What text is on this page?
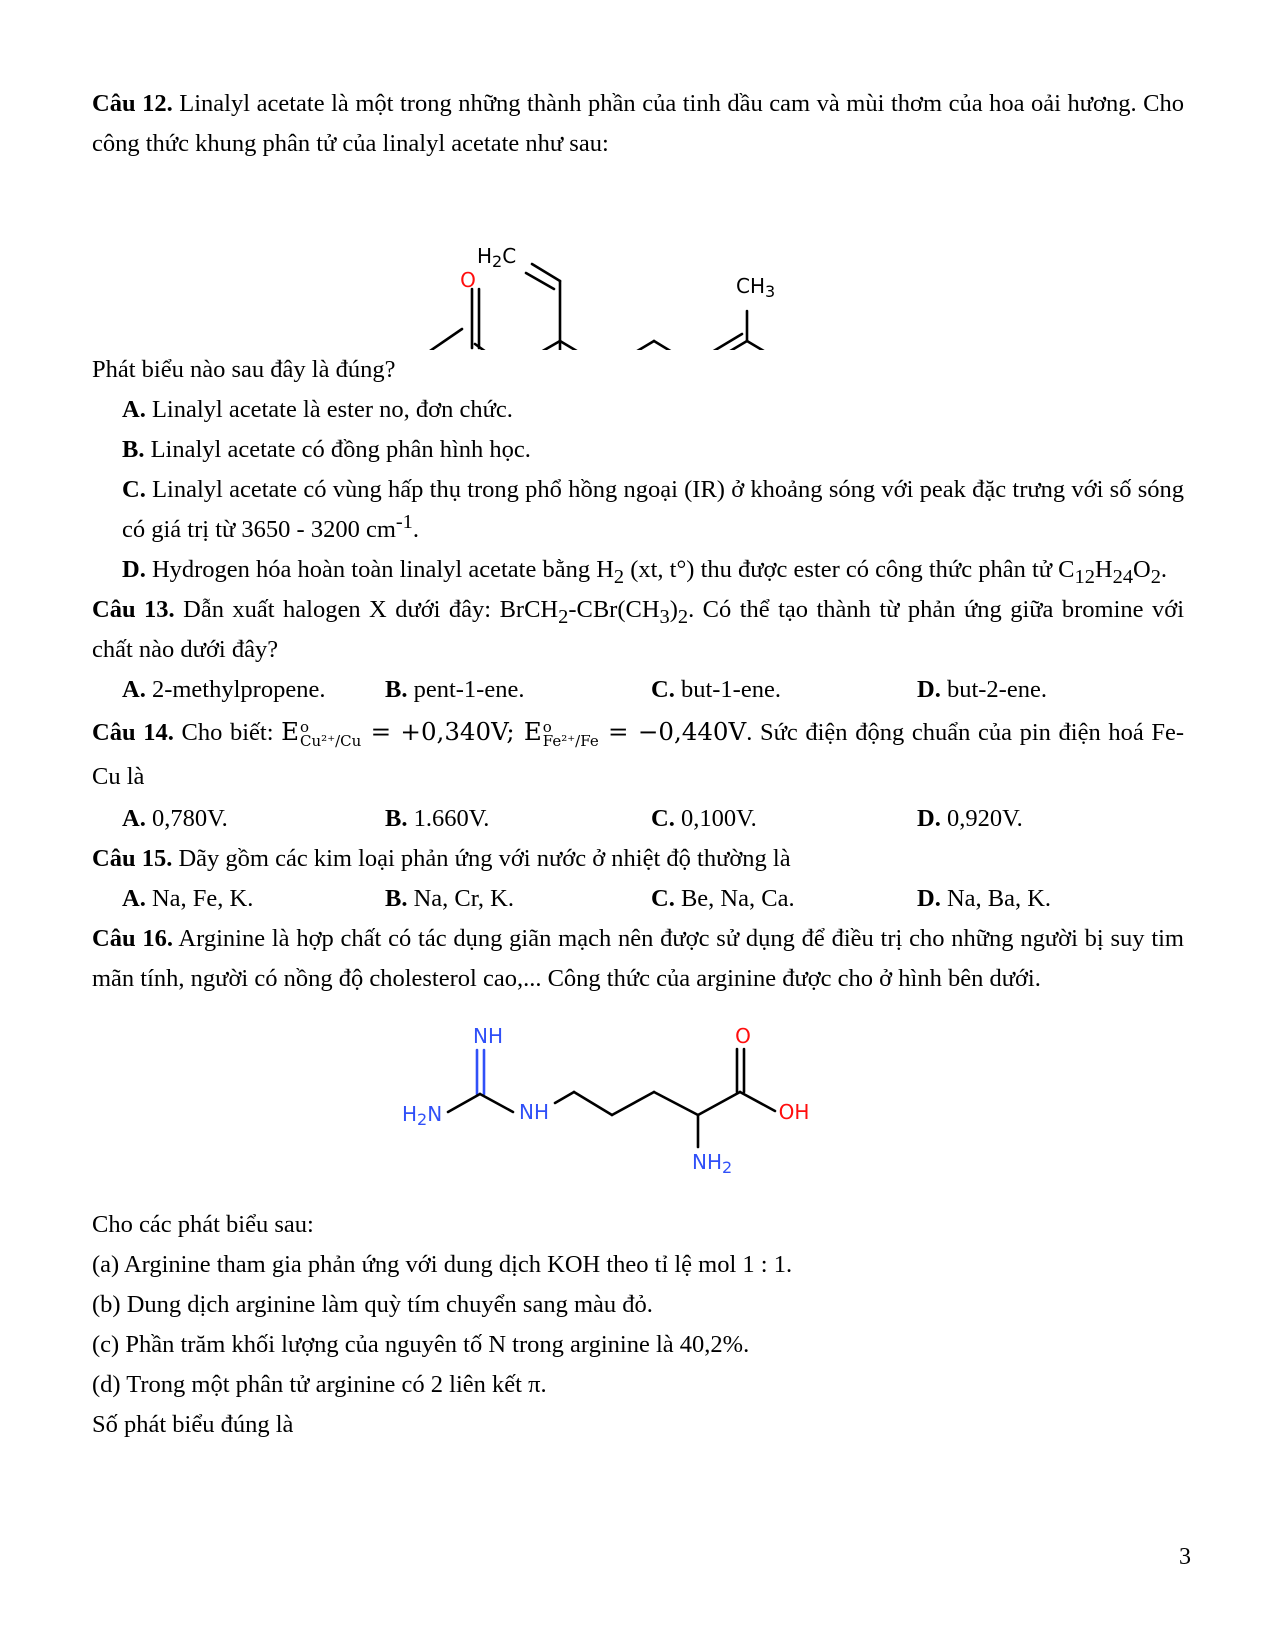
Câu 12. Linalyl acetate là một trong những thành phần của tinh dầu cam và mùi thơm của hoa oải hương. Cho công thức khung phân tử của linalyl acetate như sau:

$H_2C$
O	$CH_3$

Phát biểu nào sau đây là đúng?

A. Linalyl acetate là ester no, đơn chức.

B. Linalyl acetate có đồng phân hình học.

C. Linalyl acetate có vùng hấp thụ trong phổ hồng ngoại (IR) ở khoảng sóng với peak đặc trưng với số sóng có giá trị từ 3650 - 3200 $cm^{-1}$.

D. Hydrogen hóa hoàn toàn linalyl acetate bằng $H_2$ (xt, t°) thu được ester có công thức phân tử $C_{12}H_{24}O_2$.

Câu 13. Dẫn xuất halogen X dưới đây: $BrCH_2-CBr(CH_3)_2$. Có thể tạo thành từ phản ứng giữa bromine với chất nào dưới đây?

A. 2-methylpropene.	B. pent-1-ene.	C. but-1-ene.	D. but-2-ene.

Câu 14. Cho biết: E o
Cu²⁺/Cu = +0,340V; E o
Fe²⁺/Fe = −0,440V. Sức điện động chuẩn của pin điện hoá Fe-Cu là

A. 0,780V.	B. 1.660V.	C. 0,100V.	D. 0,920V.

Câu 15. Dãy gồm các kim loại phản ứng với nước ở nhiệt độ thường là

A. Na, Fe, K.	B. Na, Cr, K.	C. Be, Na, Ca.	D. Na, Ba, K.

Câu 16. Arginine là hợp chất có tác dụng giãn mạch nên được sử dụng để điều trị cho những người bị suy tim mãn tính, người có nồng độ cholesterol cao,... Công thức của arginine được cho ở hình bên dưới.

NH	O
$H_2N$	NH	OH
$NH_2$

Cho các phát biểu sau:

(a) Arginine tham gia phản ứng với dung dịch KOH theo tỉ lệ mol 1 : 1.

(b) Dung dịch arginine làm quỳ tím chuyển sang màu đỏ.

(c) Phần trăm khối lượng của nguyên tố N trong arginine là 40,2%.

(d) Trong một phân tử arginine có 2 liên kết π.

Số phát biểu đúng là

3
